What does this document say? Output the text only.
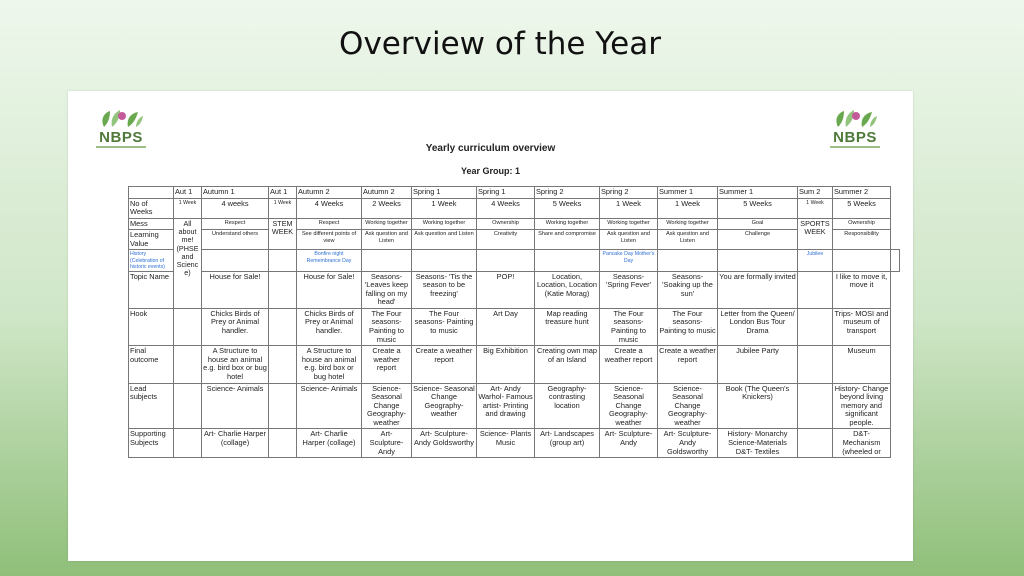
Overview of the Year
NBPS	NBPS
Yearly curriculum overview
Year Group: 1
	Aut 1	Autumn 1	Aut 1	Autumn 2	Autumn 2	Spring 1	Spring 1	Spring 2	Spring 2	Summer 1	Summer 1	Sum 2	Summer 2	
No of Weeks	1 Week	4 weeks	1 Week	4 Weeks	2 Weeks	1 Week	4 Weeks	5 Weeks	1 Week	1 Week	5 Weeks	1 Week	5 Weeks	
Mess	All about me! (PHSE and Science)	Respect	STEM WEEK	Respect	Working together	Working together	Ownership	Working together	Working together	Working together	Goal	SPORTS WEEK	Ownership	
Learning Value		Understand others		See different points of view	Ask question and Listen	Ask question and Listen	Creativity	Share and compromise	Ask question and Listen	Ask question and Listen	Challenge		Responsibility	
History (Celebration of historic events)				Bonfire night Remembrance Day					Pancake Day Mother's Day			Jubilee		
Topic Name		House for Sale!		House for Sale!	Seasons- 'Leaves keep falling on my head'	Seasons- 'Tis the season to be freezing'	POP!	Location, Location, Location (Katie Morag)	Seasons- 'Spring Fever'	Seasons- 'Soaking up the sun'	You are formally invited		I like to move it, move it	
Hook		Chicks Birds of Prey or Animal handler.		Chicks Birds of Prey or Animal handler.	The Four seasons- Painting to music	The Four seasons- Painting to music	Art Day	Map reading treasure hunt	The Four seasons- Painting to music	The Four seasons- Painting to music	Letter from the Queen/ London Bus Tour Drama		Trips- MOSI and museum of transport	
Final outcome		A Structure to house an animal e.g. bird box or bug hotel		A Structure to house an animal e.g. bird box or bug hotel	Create a weather report	Create a weather report	Big Exhibition	Creating own map of an Island	Create a weather report	Create a weather report	Jubilee Party		Museum	
Lead subjects		Science- Animals		Science- Animals	Science- Seasonal Change Geography- weather	Science- Seasonal Change Geography- weather	Art- Andy Warhol- Famous artist- Printing and drawing	Geography- contrasting location	Science- Seasonal Change Geography- weather	Science- Seasonal Change Geography- weather	Book (The Queen's Knickers)		History- Change beyond living memory and significant people.	
Supporting Subjects		Art- Charlie Harper (collage)		Art- Charlie Harper (collage)	Art- Sculpture- Andy	Art- Sculpture- Andy Goldsworthy	Science- Plants Music	Art- Landscapes (group art)	Art- Sculpture- Andy	Art- Sculpture- Andy Goldsworthy	History- Monarchy Science-Materials D&T- Textiles		D&T- Mechanism (wheeled or	
